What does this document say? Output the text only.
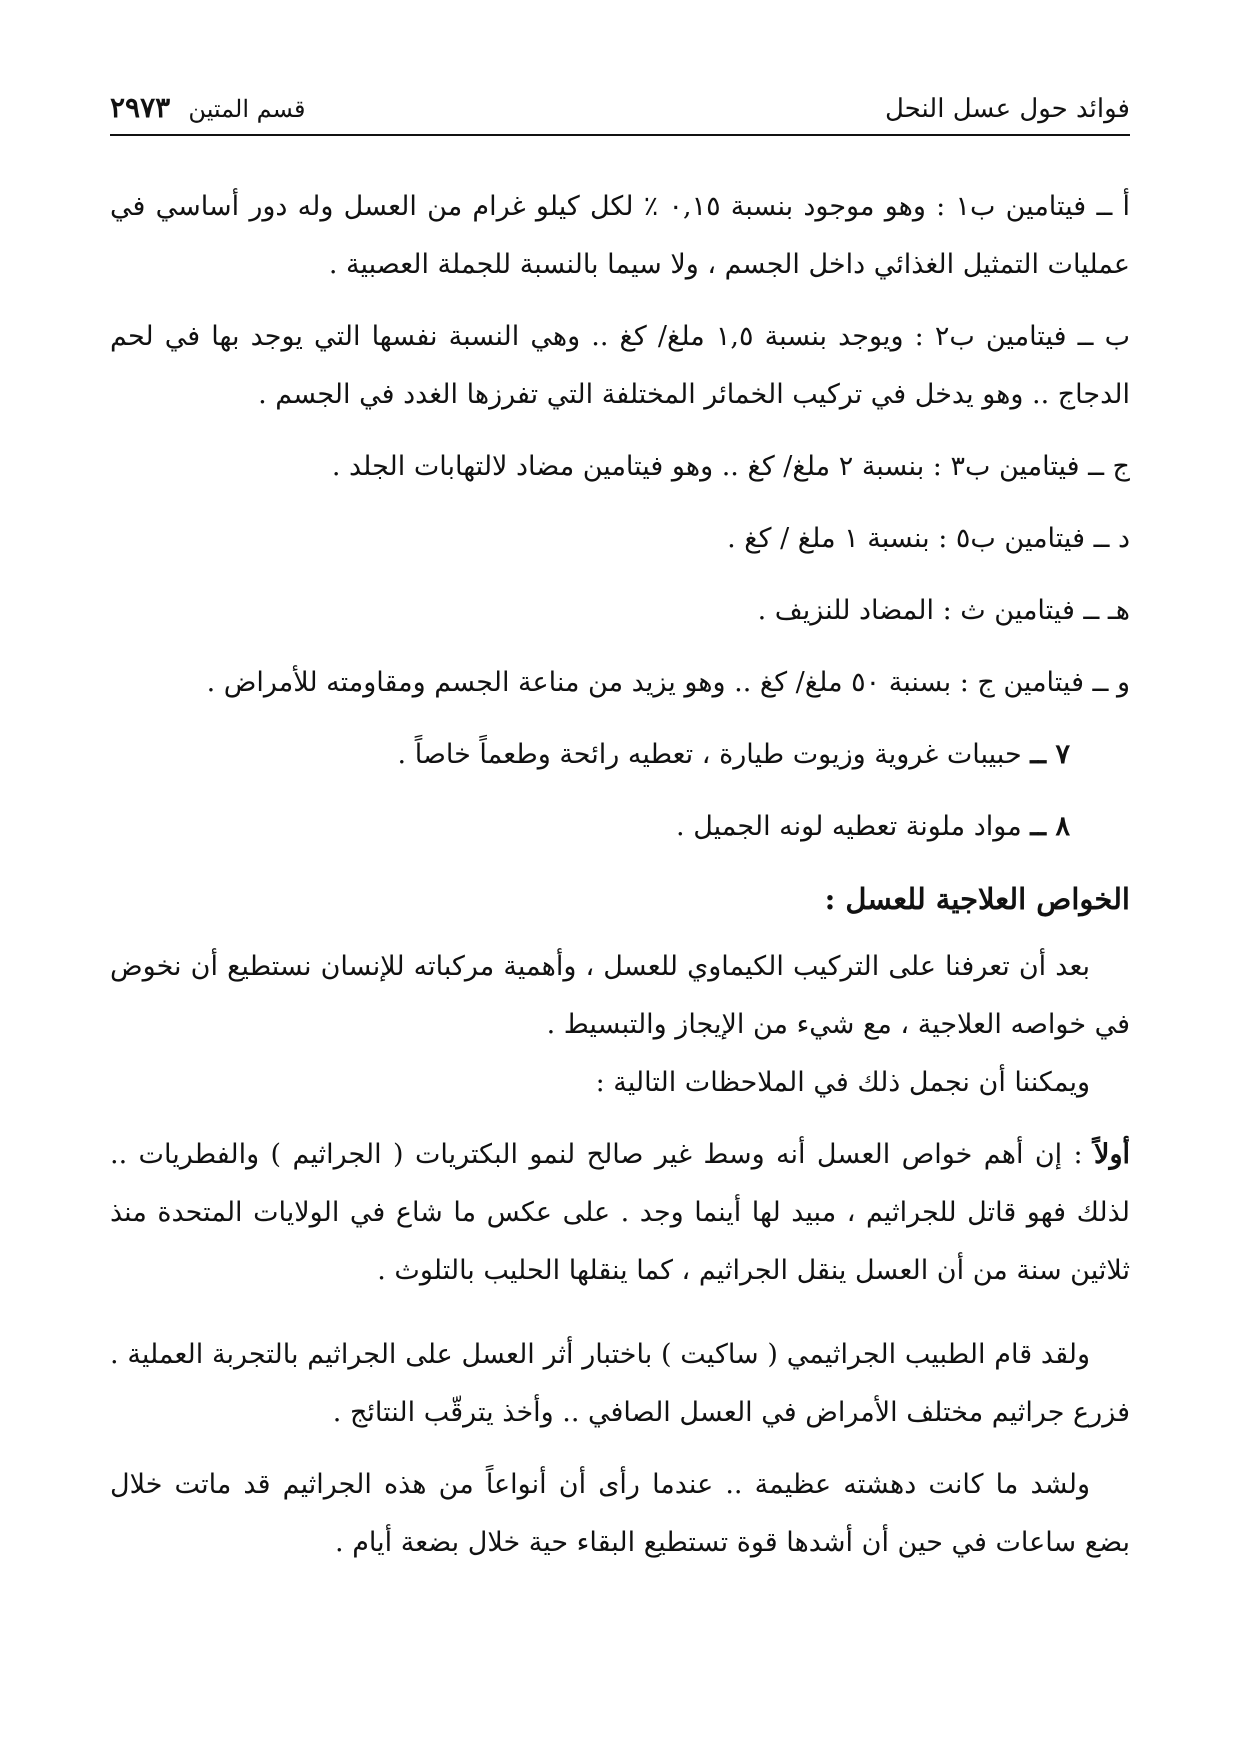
فوائد حول عسل النحل
قسم المتين ٢٩٧٣

أ ــ فيتامين ب١ : وهو موجود بنسبة ٠,١٥ ٪ لكل كيلو غرام من العسل وله دور أساسي في عمليات التمثيل الغذائي داخل الجسم ، ولا سيما بالنسبة للجملة العصبية .

ب ــ فيتامين ب٢ : ويوجد بنسبة ١,٥ ملغ/ كغ .. وهي النسبة نفسها التي يوجد بها في لحم الدجاج .. وهو يدخل في تركيب الخمائر المختلفة التي تفرزها الغدد في الجسم .

ج ــ فيتامين ب٣ : بنسبة ٢ ملغ/ كغ .. وهو فيتامين مضاد لالتهابات الجلد .

د ــ فيتامين ب٥ : بنسبة ١ ملغ / كغ .

هـ ــ فيتامين ث : المضاد للنزيف .

و ــ فيتامين ج : بسنبة ٥٠ ملغ/ كغ .. وهو يزيد من مناعة الجسم ومقاومته للأمراض .

٧ ــ حبيبات غروية وزيوت طيارة ، تعطيه رائحة وطعماً خاصاً .

٨ ــ مواد ملونة تعطيه لونه الجميل .

الخواص العلاجية للعسل :

بعد أن تعرفنا على التركيب الكيماوي للعسل ، وأهمية مركباته للإنسان نستطيع أن نخوض في خواصه العلاجية ، مع شيء من الإيجاز والتبسيط .

ويمكننا أن نجمل ذلك في الملاحظات التالية :

أولاً : إن أهم خواص العسل أنه وسط غير صالح لنمو البكتريات ( الجراثيم ) والفطريات .. لذلك فهو قاتل للجراثيم ، مبيد لها أينما وجد . على عكس ما شاع في الولايات المتحدة منذ ثلاثين سنة من أن العسل ينقل الجراثيم ، كما ينقلها الحليب بالتلوث .

ولقد قام الطبيب الجراثيمي ( ساكيت ) باختبار أثر العسل على الجراثيم بالتجربة العملية . فزرع جراثيم مختلف الأمراض في العسل الصافي .. وأخذ يترقّب النتائج .

ولشد ما كانت دهشته عظيمة .. عندما رأى أن أنواعاً من هذه الجراثيم قد ماتت خلال بضع ساعات في حين أن أشدها قوة تستطيع البقاء حية خلال بضعة أيام .
